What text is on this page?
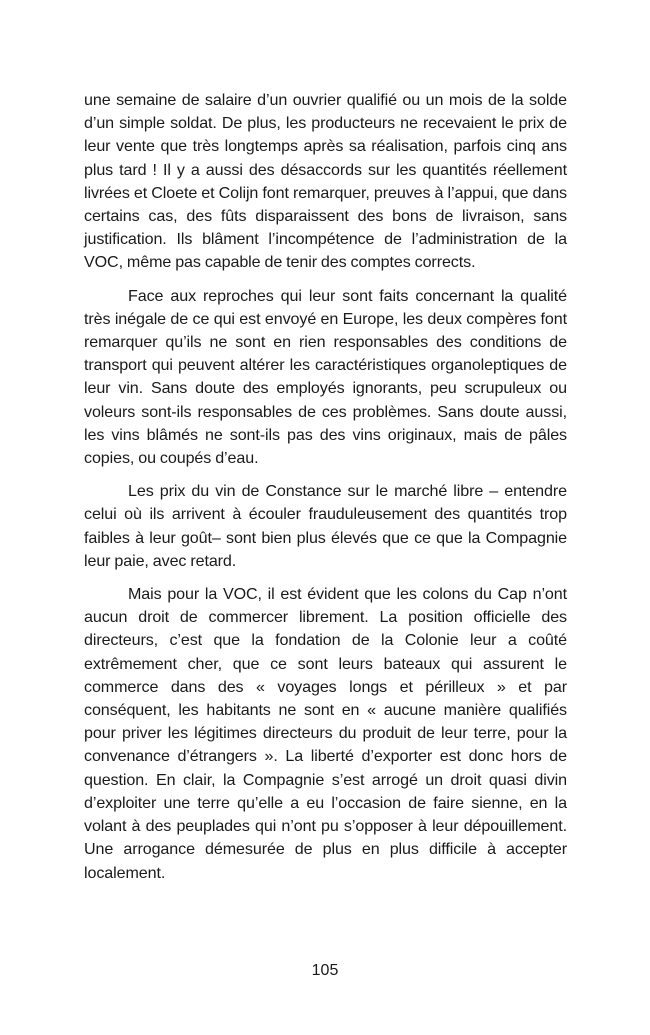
une semaine de salaire d’un ouvrier qualifié ou un mois de la solde d’un simple soldat. De plus, les producteurs ne recevaient le prix de leur vente que très longtemps après sa réalisation, parfois cinq ans plus tard ! Il y a aussi des désaccords sur les quantités réellement livrées et Cloete et Colijn font remarquer, preuves à l’appui, que dans certains cas, des fûts disparaissent des bons de livraison, sans justification. Ils blâment l’incompétence de l’administration de la VOC, même pas capable de tenir des comptes corrects.

Face aux reproches qui leur sont faits concernant la qualité très inégale de ce qui est envoyé en Europe, les deux compères font remarquer qu’ils ne sont en rien responsables des conditions de transport qui peuvent altérer les caractéristiques organoleptiques de leur vin. Sans doute des employés ignorants, peu scrupuleux ou voleurs sont-ils responsables de ces problèmes. Sans doute aussi, les vins blâmés ne sont-ils pas des vins originaux, mais de pâles copies, ou coupés d’eau.

Les prix du vin de Constance sur le marché libre – entendre celui où ils arrivent à écouler frauduleusement des quantités trop faibles à leur goût– sont bien plus élevés que ce que la Compagnie leur paie, avec retard.

Mais pour la VOC, il est évident que les colons du Cap n’ont aucun droit de commercer librement. La position officielle des directeurs, c’est que la fondation de la Colonie leur a coûté extrêmement cher, que ce sont leurs bateaux qui assurent le commerce dans des « voyages longs et périlleux » et par conséquent, les habitants ne sont en « aucune manière qualifiés pour priver les légitimes directeurs du produit de leur terre, pour la convenance d’étrangers ». La liberté d’exporter est donc hors de question. En clair, la Compagnie s’est arrogé un droit quasi divin d’exploiter une terre qu’elle a eu l’occasion de faire sienne, en la volant à des peuplades qui n’ont pu s’opposer à leur dépouillement. Une arrogance démesurée de plus en plus difficile à accepter localement.

105
